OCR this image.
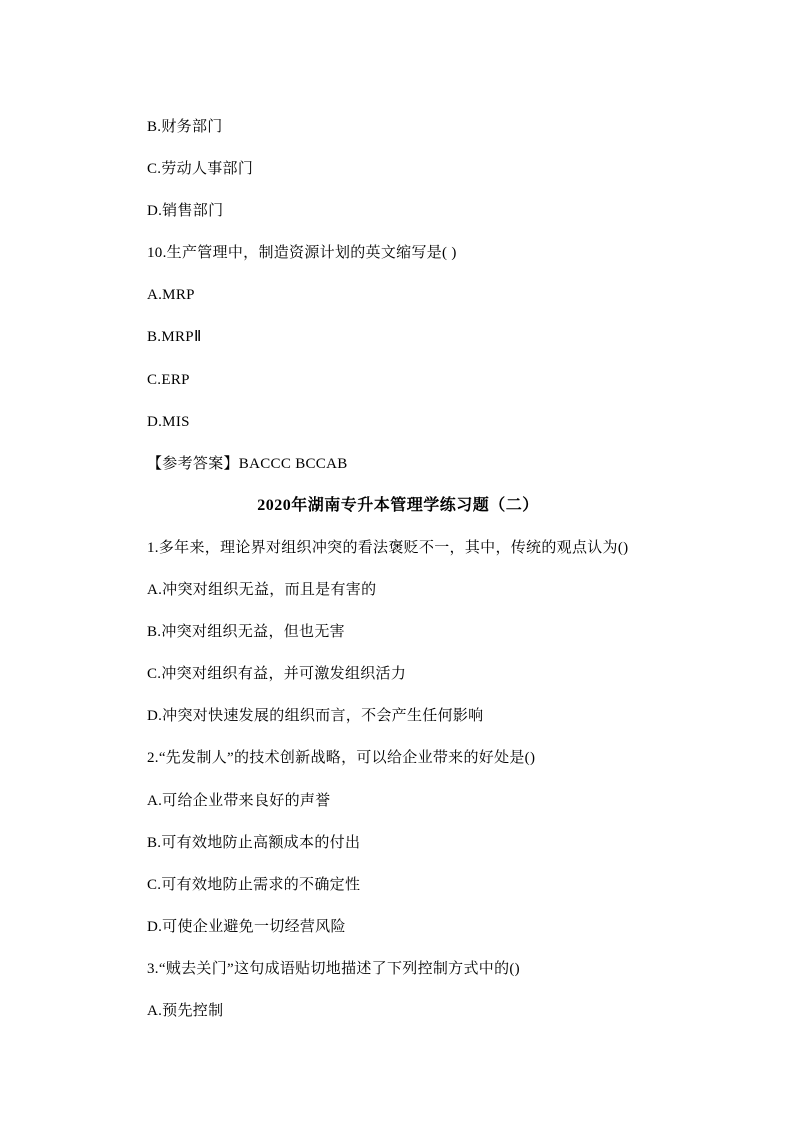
B.财务部门

C.劳动人事部门

D.销售部门

10.生产管理中，制造资源计划的英文缩写是( )

A.MRP

B.MRPⅡ

C.ERP

D.MIS

【参考答案】BACCC BCCAB

2020年湖南专升本管理学练习题（二）

1.多年来，理论界对组织冲突的看法褒贬不一，其中，传统的观点认为()

A.冲突对组织无益，而且是有害的

B.冲突对组织无益，但也无害

C.冲突对组织有益，并可激发组织活力

D.冲突对快速发展的组织而言，不会产生任何影响

2.“先发制人”的技术创新战略，可以给企业带来的好处是()

A.可给企业带来良好的声誉

B.可有效地防止高额成本的付出

C.可有效地防止需求的不确定性

D.可使企业避免一切经营风险

3.“贼去关门”这句成语贴切地描述了下列控制方式中的()

A.预先控制
